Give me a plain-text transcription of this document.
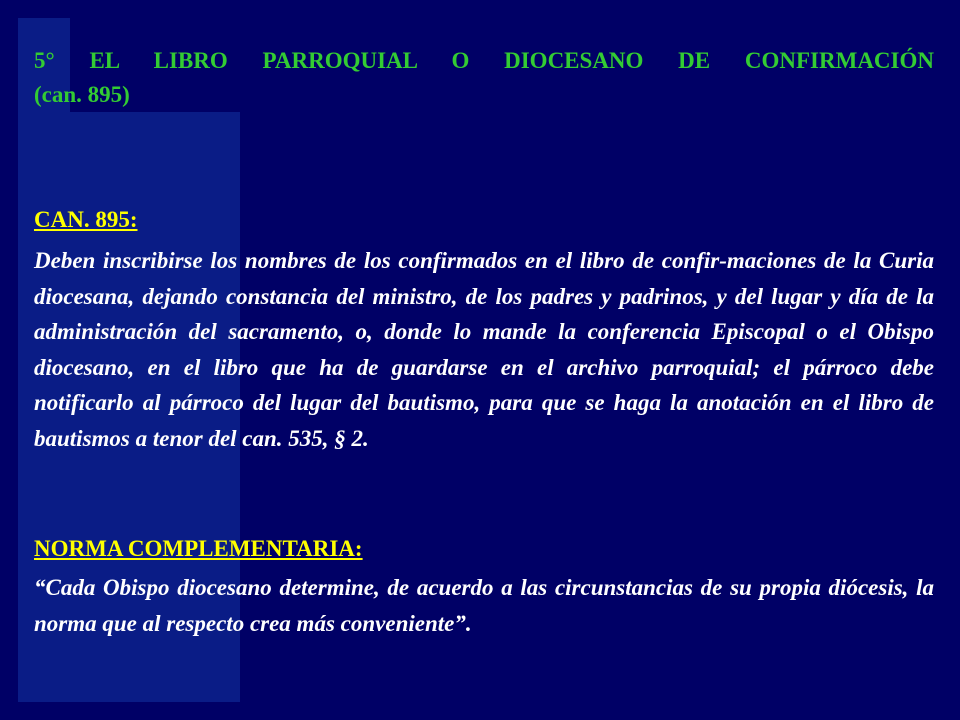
5° EL LIBRO PARROQUIAL O DIOCESANO DE CONFIRMACIÓN
(can. 895)

CAN. 895:

Deben inscribirse los nombres de los confirmados en el libro de confir-maciones de la Curia diocesana, dejando constancia del ministro, de los padres y padrinos, y del lugar y día de la administración del sacramento, o, donde lo mande la conferencia Episcopal o el Obispo diocesano, en el libro que ha de guardarse en el archivo parroquial; el párroco debe notificarlo al párroco del lugar del bautismo, para que se haga la anotación en el libro de bautismos a tenor del can. 535, § 2.

NORMA COMPLEMENTARIA:

“Cada Obispo diocesano determine, de acuerdo a las circunstancias de su propia diócesis, la norma que al respecto crea más conveniente”.
